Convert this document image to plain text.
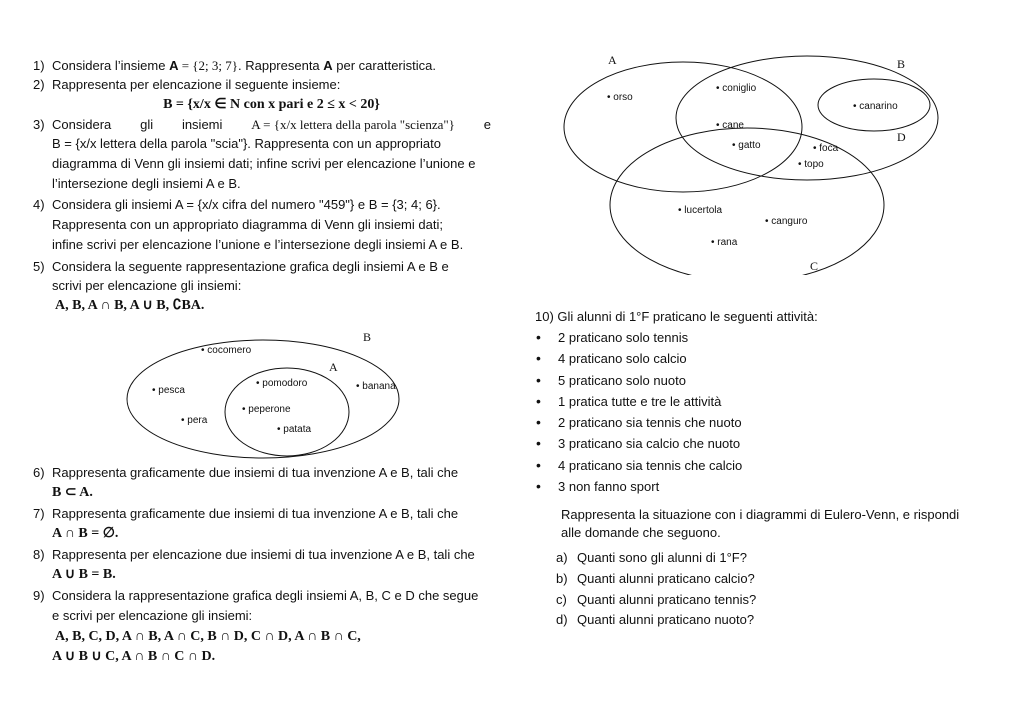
1) Considera l’insieme A = {2; 3; 7}. Rappresenta A per caratteristica.
2) Rappresenta per elencazione il seguente insieme:
B = {x/x ∈ N con x pari e 2 ≤ x < 20}
3) Considera gli insiemi A = {x/x lettera della parola "scienza"} e
B = {x/x lettera della parola "scia"}. Rappresenta con un appropriato
diagramma di Venn gli insiemi dati; infine scrivi per elencazione l’unione e
l’intersezione degli insiemi A e B.
4) Considera gli insiemi A = {x/x cifra del numero "459"} e B = {3; 4; 6}.
Rappresenta con un appropriato diagramma di Venn gli insiemi dati;
infine scrivi per elencazione l’unione e l’intersezione degli insiemi A e B.
5) Considera la seguente rappresentazione grafica degli insiemi A e B e
scrivi per elencazione gli insiemi:
A, B, A ∩ B, A ∪ B, ∁BA.
B
A
• cocomero
• pesca
• pera
• banana
• pomodoro
• peperone
• patata
6) Rappresenta graficamente due insiemi di tua invenzione A e B, tali che
B ⊂ A.
7) Rappresenta graficamente due insiemi di tua invenzione A e B, tali che
A ∩ B = ∅.
8) Rappresenta per elencazione due insiemi di tua invenzione A e B, tali che
A ∪ B = B.
9) Considera la rappresentazione grafica degli insiemi A, B, C e D che segue
e scrivi per elencazione gli insiemi:
A, B, C, D, A ∩ B, A ∩ C, B ∩ D, C ∩ D, A ∩ B ∩ C,
A ∪ B ∪ C, A ∩ B ∩ C ∩ D.
A	B
D
C
• orso
• coniglio
• cane
• gatto	• foca
• topo
• canarino
• lucertola
• canguro
• rana
10) Gli alunni di 1°F praticano le seguenti attività:
• 2 praticano solo tennis
• 4 praticano solo calcio
• 5 praticano solo nuoto
• 1 pratica tutte e tre le attività
• 2 praticano sia tennis che nuoto
• 3 praticano sia calcio che nuoto
• 4 praticano sia tennis che calcio
• 3 non fanno sport
Rappresenta la situazione con i diagrammi di Eulero-Venn, e rispondi
alle domande che seguono.
a) Quanti sono gli alunni di 1°F?
b) Quanti alunni praticano calcio?
c) Quanti alunni praticano tennis?
d) Quanti alunni praticano nuoto?
